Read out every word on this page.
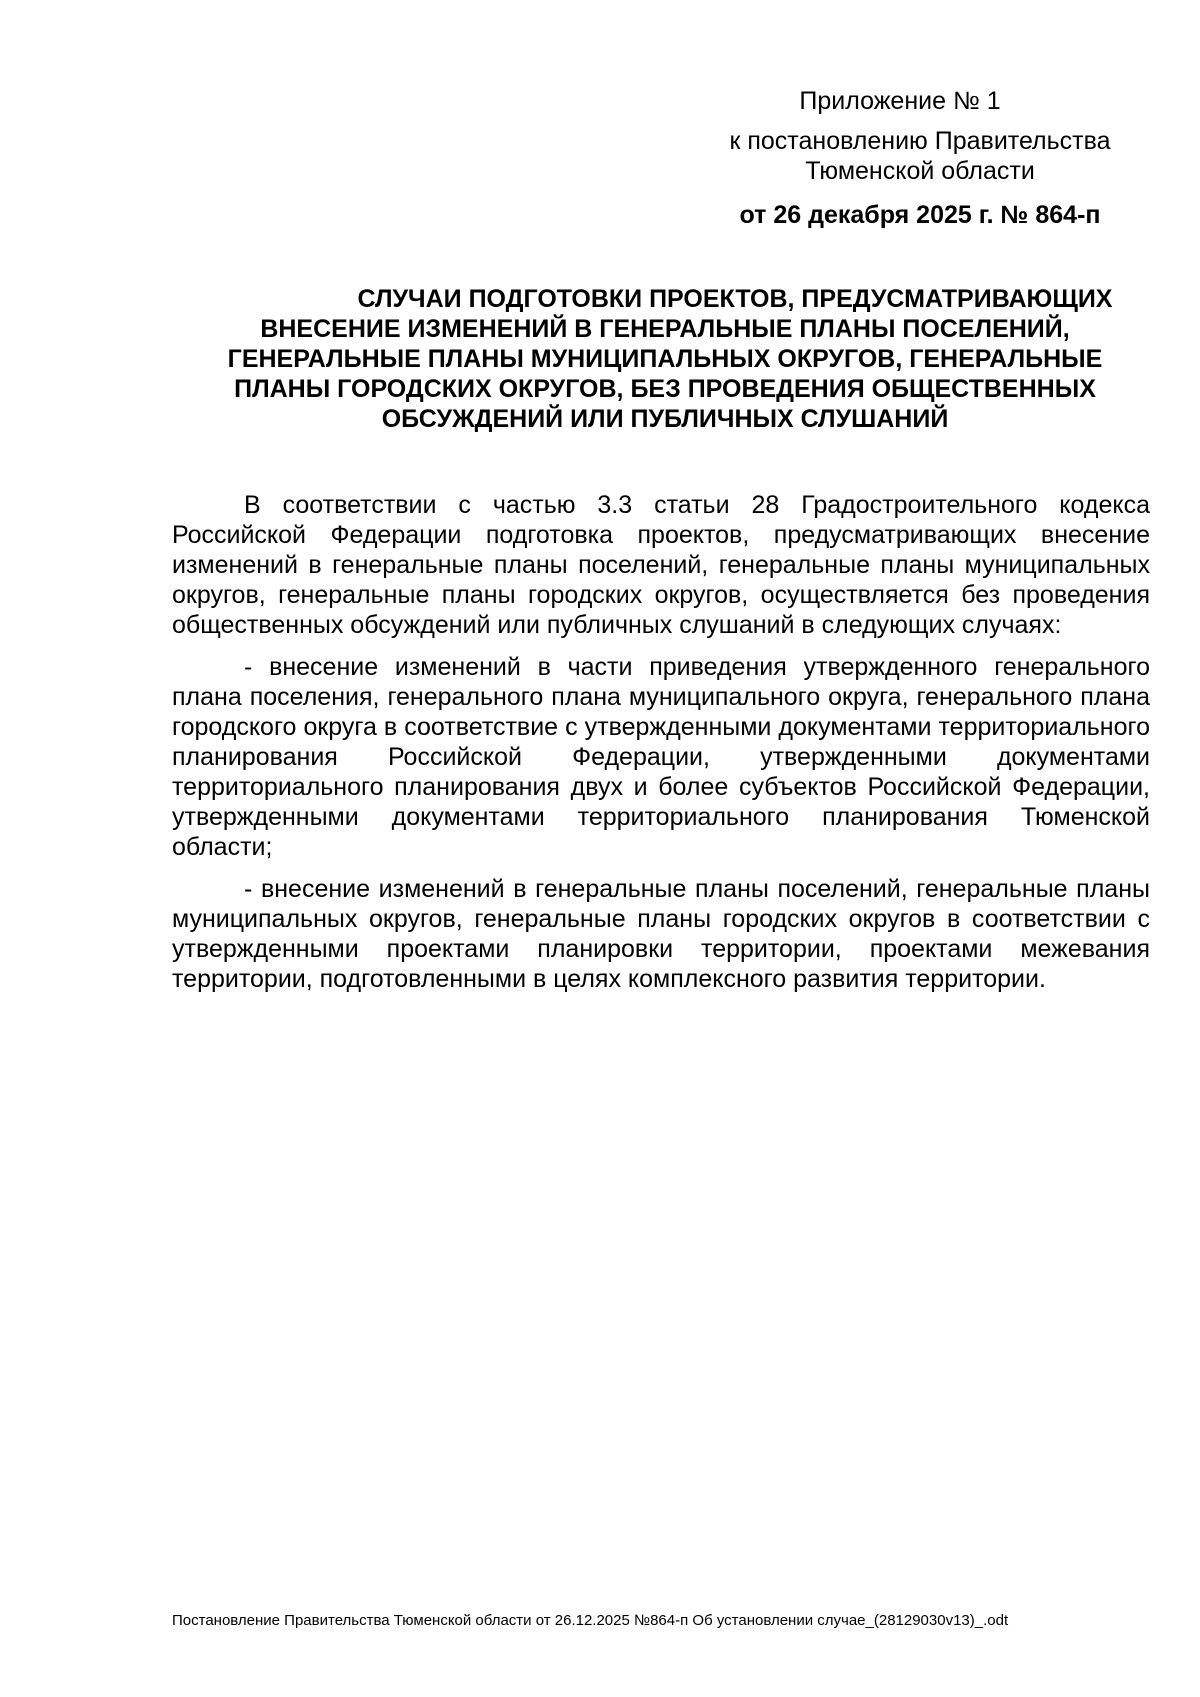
Приложение № 1
к постановлению Правительства
Тюменской области
от 26 декабря 2025 г. № 864-п
СЛУЧАИ ПОДГОТОВКИ ПРОЕКТОВ, ПРЕДУСМАТРИВАЮЩИХ
ВНЕСЕНИЕ ИЗМЕНЕНИЙ В ГЕНЕРАЛЬНЫЕ ПЛАНЫ ПОСЕЛЕНИЙ,
ГЕНЕРАЛЬНЫЕ ПЛАНЫ МУНИЦИПАЛЬНЫХ ОКРУГОВ, ГЕНЕРАЛЬНЫЕ
ПЛАНЫ ГОРОДСКИХ ОКРУГОВ, БЕЗ ПРОВЕДЕНИЯ ОБЩЕСТВЕННЫХ
ОБСУЖДЕНИЙ ИЛИ ПУБЛИЧНЫХ СЛУШАНИЙ

В соответствии с частью 3.3 статьи 28 Градостроительного кодекса Российской Федерации подготовка проектов, предусматривающих внесение изменений в генеральные планы поселений, генеральные планы муниципальных округов, генеральные планы городских округов, осуществляется без проведения общественных обсуждений или публичных слушаний в следующих случаях:

- внесение изменений в части приведения утвержденного генерального плана поселения, генерального плана муниципального округа, генерального плана городского округа в соответствие с утвержденными документами территориального планирования Российской Федерации, утвержденными документами территориального планирования двух и более субъектов Российской Федерации, утвержденными документами территориального планирования Тюменской области;

- внесение изменений в генеральные планы поселений, генеральные планы муниципальных округов, генеральные планы городских округов в соответствии с утвержденными проектами планировки территории, проектами межевания территории, подготовленными в целях комплексного развития территории.

Постановление Правительства Тюменской области от 26.12.2025 №864-п Об установлении случае_(28129030v13)_.odt
